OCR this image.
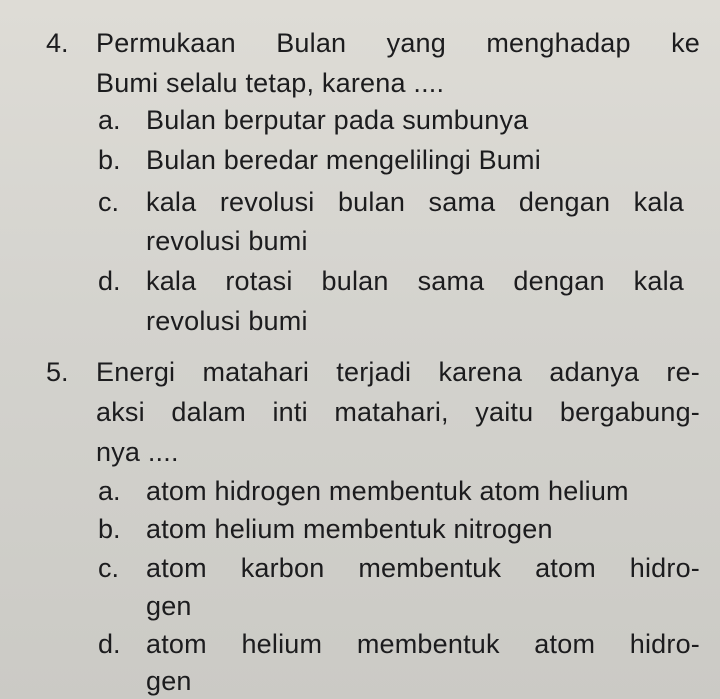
4. Permukaan Bulan yang menghadap ke
Bumi selalu tetap, karena ....
a. Bulan berputar pada sumbunya
b. Bulan beredar mengelilingi Bumi
c. kala revolusi bulan sama dengan kala
revolusi bumi
d. kala rotasi bulan sama dengan kala
revolusi bumi
5. Energi matahari terjadi karena adanya re-
aksi dalam inti matahari, yaitu bergabung-
nya ....
a. atom hidrogen membentuk atom helium
b. atom helium membentuk nitrogen
c. atom karbon membentuk atom hidro-
gen
d. atom helium membentuk atom hidro-
gen
